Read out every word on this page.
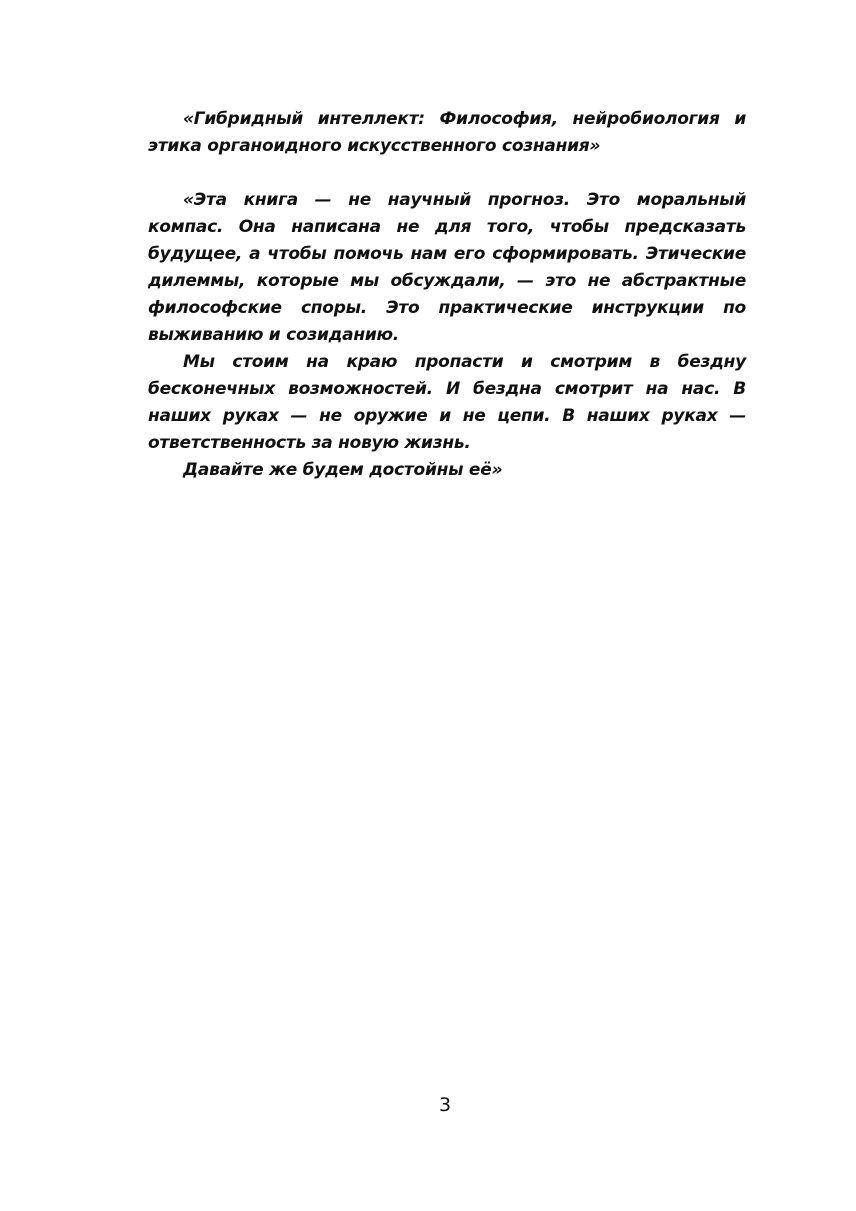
«Гибридный интеллект: Философия, нейробиология и этика органоидного искусственного сознания»

«Эта книга — не научный прогноз. Это моральный компас. Она написана не для того, чтобы предсказать будущее, а чтобы помочь нам его сформировать. Этические дилеммы, которые мы обсуждали, — это не абстрактные философские споры. Это практические инструкции по выживанию и созиданию.

Мы стоим на краю пропасти и смотрим в бездну бесконечных возможностей. И бездна смотрит на нас. В наших руках — не оружие и не цепи. В наших руках — ответственность за новую жизнь.

Давайте же будем достойны её»

3
